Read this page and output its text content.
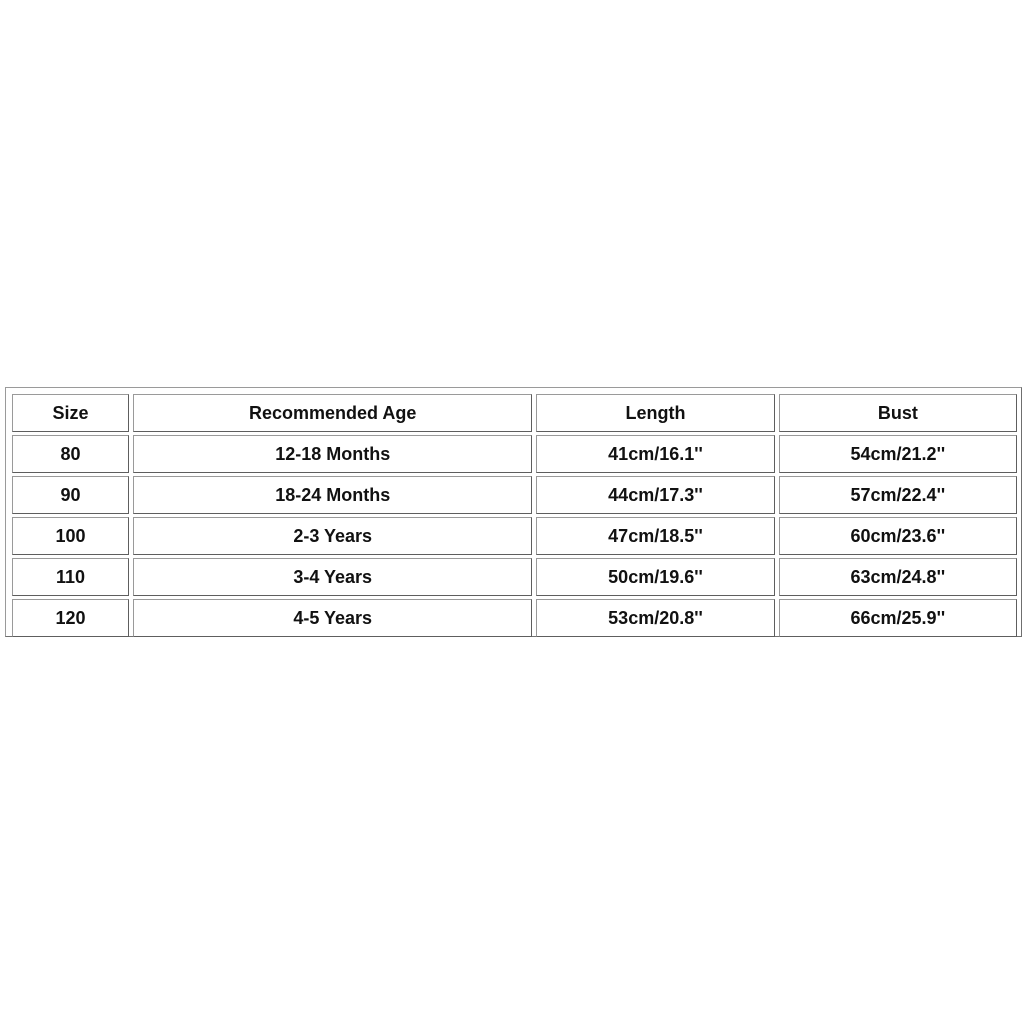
Size	Recommended Age	Length	Bust
80	12-18 Months	41cm/16.1''	54cm/21.2''
90	18-24 Months	44cm/17.3''	57cm/22.4''
100	2-3 Years	47cm/18.5''	60cm/23.6''
110	3-4 Years	50cm/19.6''	63cm/24.8''
120	4-5 Years	53cm/20.8''	66cm/25.9''
